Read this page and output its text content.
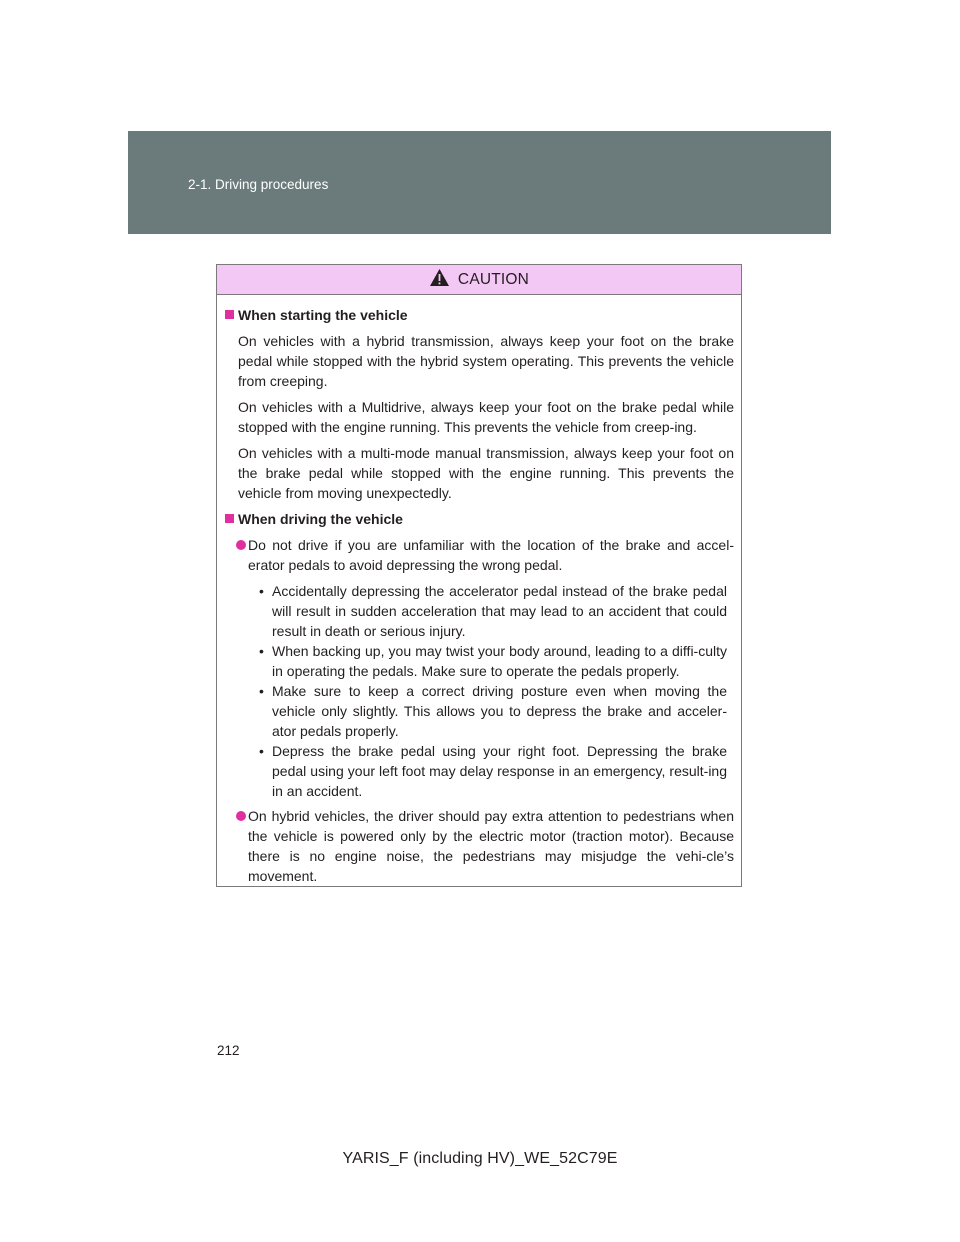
2-1. Driving procedures
CAUTION
When starting the vehicle
On vehicles with a hybrid transmission, always keep your foot on the brake pedal while stopped with the hybrid system operating. This prevents the vehicle from creeping.
On vehicles with a Multidrive, always keep your foot on the brake pedal while stopped with the engine running. This prevents the vehicle from creep-ing.
On vehicles with a multi-mode manual transmission, always keep your foot on the brake pedal while stopped with the engine running. This prevents the vehicle from moving unexpectedly.
When driving the vehicle
Do not drive if you are unfamiliar with the location of the brake and accel-erator pedals to avoid depressing the wrong pedal.
• Accidentally depressing the accelerator pedal instead of the brake pedal will result in sudden acceleration that may lead to an accident that could result in death or serious injury.
• When backing up, you may twist your body around, leading to a diffi-culty in operating the pedals. Make sure to operate the pedals properly.
• Make sure to keep a correct driving posture even when moving the vehicle only slightly. This allows you to depress the brake and acceler-ator pedals properly.
• Depress the brake pedal using your right foot. Depressing the brake pedal using your left foot may delay response in an emergency, result-ing in an accident.
On hybrid vehicles, the driver should pay extra attention to pedestrians when the vehicle is powered only by the electric motor (traction motor). Because there is no engine noise, the pedestrians may misjudge the vehi-cle’s movement.
212
YARIS_F (including HV)_WE_52C79E
